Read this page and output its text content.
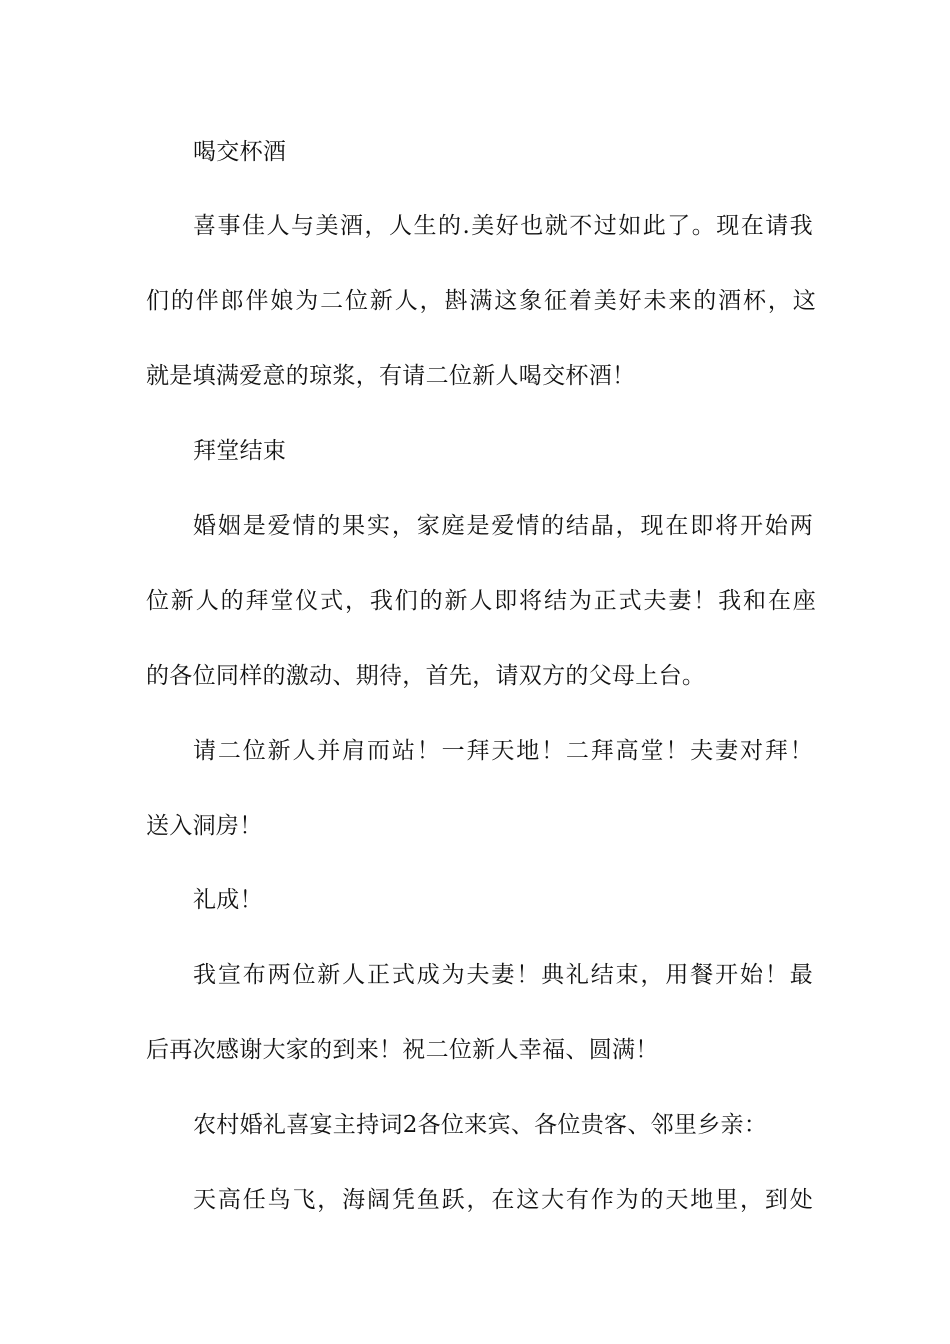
喝交杯酒
喜事佳人与美酒，人生的.美好也就不过如此了。现在请我
们的伴郎伴娘为二位新人，斟满这象征着美好未来的酒杯，这
就是填满爱意的琼浆，有请二位新人喝交杯酒！
拜堂结束
婚姻是爱情的果实，家庭是爱情的结晶，现在即将开始两
位新人的拜堂仪式，我们的新人即将结为正式夫妻！我和在座
的各位同样的激动、期待，首先，请双方的父母上台。
请二位新人并肩而站！一拜天地！二拜高堂！夫妻对拜！
送入洞房！
礼成！
我宣布两位新人正式成为夫妻！典礼结束，用餐开始！最
后再次感谢大家的到来！祝二位新人幸福、圆满！
农村婚礼喜宴主持词2各位来宾、各位贵客、邻里乡亲：
天高任鸟飞，海阔凭鱼跃，在这大有作为的天地里，到处
